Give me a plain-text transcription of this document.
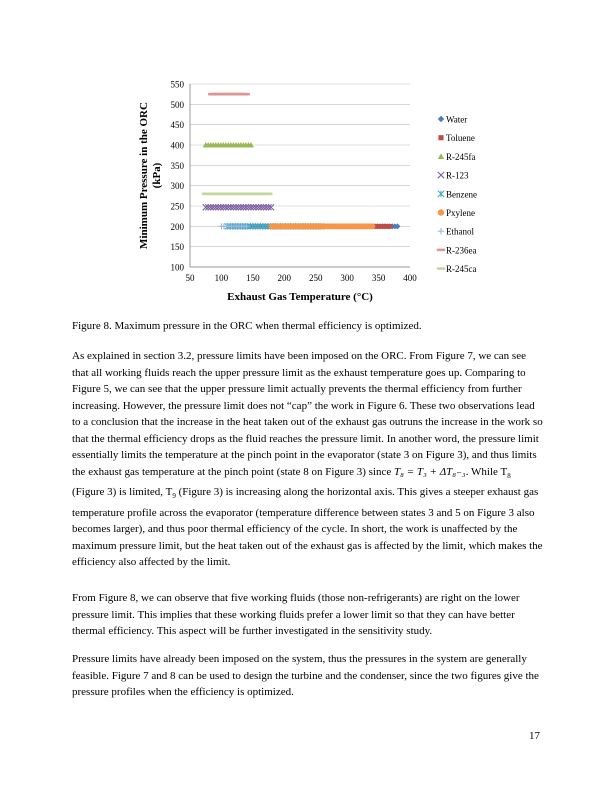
100
150
200
250
300
350
400
450
500
550
50 100 150 200 250 300 350 400
Water
Toluene
R-245fa
R-123
Benzene
Pxylene
Ethanol
R-236ea
R-245ca
Exhaust Gas Temperature (°C)
Minimum Pressure in the ORC(kPa)
Figure 8. Maximum pressure in the ORC when thermal efficiency is optimized.

As explained in section 3.2, pressure limits have been imposed on the ORC. From Figure 7, we can see that all working fluids reach the upper pressure limit as the exhaust temperature goes up. Comparing to Figure 5, we can see that the upper pressure limit actually prevents the thermal efficiency from further increasing. However, the pressure limit does not “cap” the work in Figure 6. These two observations lead to a conclusion that the increase in the heat taken out of the exhaust gas outruns the increase in the work so that the thermal efficiency drops as the fluid reaches the pressure limit. In another word, the pressure limit essentially limits the temperature at the pinch point in the evaporator (state 3 on Figure 3), and thus limits the exhaust gas temperature at the pinch point (state 8 on Figure 3) since T₈ = T₃ + ΔT₈₋₃. While $T_8$ (Figure 3) is limited, $T_9$ (Figure 3) is increasing along the horizontal axis. This gives a steeper exhaust gas temperature profile across the evaporator (temperature difference between states 3 and 5 on Figure 3 also becomes larger), and thus poor thermal efficiency of the cycle. In short, the work is unaffected by the maximum pressure limit, but the heat taken out of the exhaust gas is affected by the limit, which makes the efficiency also affected by the limit.

From Figure 8, we can observe that five working fluids (those non-refrigerants) are right on the lower pressure limit. This implies that these working fluids prefer a lower limit so that they can have better thermal efficiency. This aspect will be further investigated in the sensitivity study.

Pressure limits have already been imposed on the system, thus the pressures in the system are generally feasible. Figure 7 and 8 can be used to design the turbine and the condenser, since the two figures give the pressure profiles when the efficiency is optimized.

17
